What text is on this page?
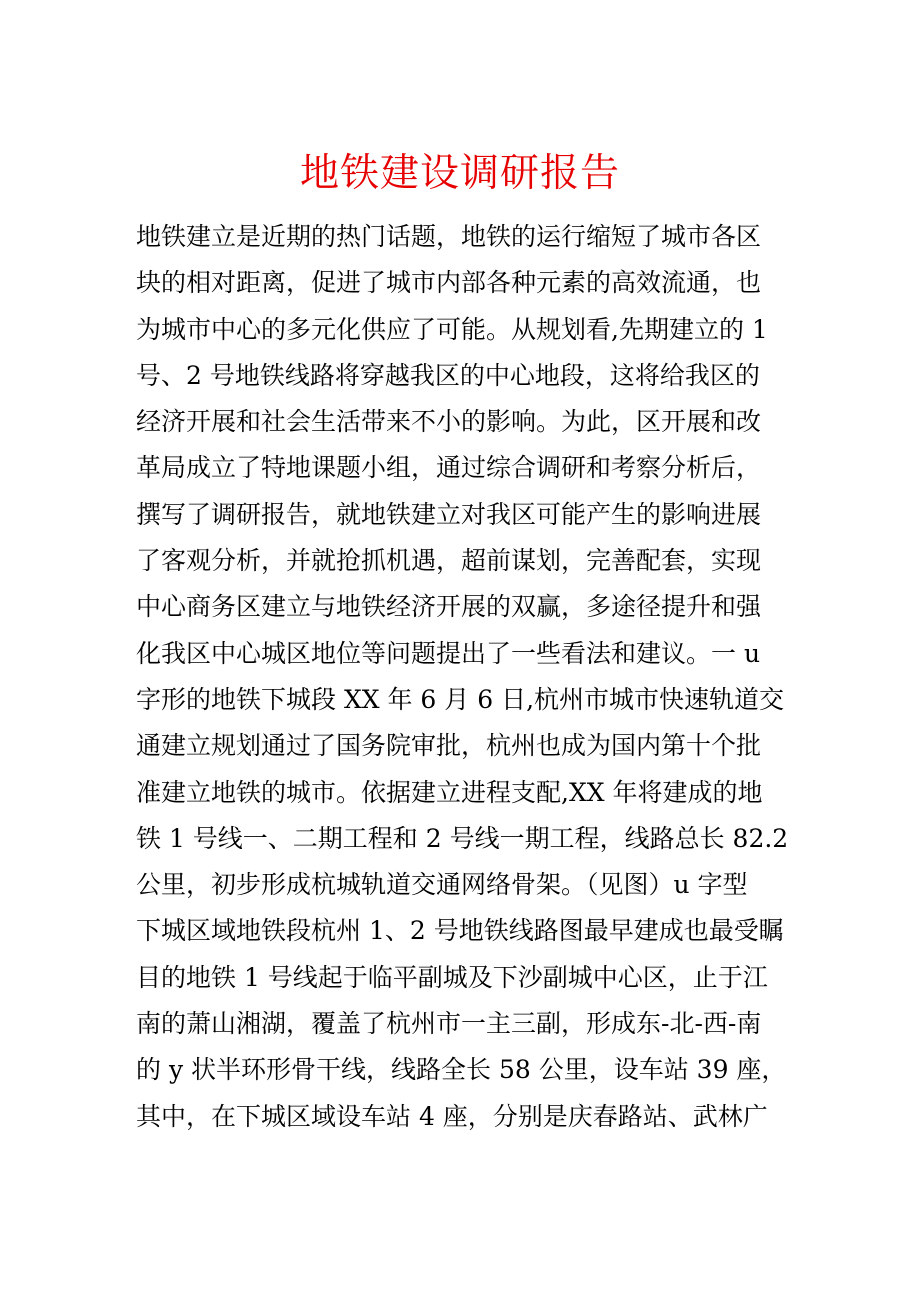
地铁建设调研报告
地铁建立是近期的热门话题，地铁的运行缩短了城市各区
块的相对距离，促进了城市内部各种元素的高效流通，也
为城市中心的多元化供应了可能。从规划看,先期建立的 1
号、2 号地铁线路将穿越我区的中心地段，这将给我区的
经济开展和社会生活带来不小的影响。为此，区开展和改
革局成立了特地课题小组，通过综合调研和考察分析后，
撰写了调研报告，就地铁建立对我区可能产生的影响进展
了客观分析，并就抢抓机遇，超前谋划，完善配套，实现
中心商务区建立与地铁经济开展的双赢，多途径提升和强
化我区中心城区地位等问题提出了一些看法和建议。一 u
字形的地铁下城段 XX 年 6 月 6 日,杭州市城市快速轨道交
通建立规划通过了国务院审批，杭州也成为国内第十个批
准建立地铁的城市。依据建立进程支配,XX 年将建成的地
铁 1 号线一、二期工程和 2 号线一期工程，线路总长 82.2
公里，初步形成杭城轨道交通网络骨架。（见图）u 字型
下城区域地铁段杭州 1、2 号地铁线路图最早建成也最受瞩
目的地铁 1 号线起于临平副城及下沙副城中心区，止于江
南的萧山湘湖，覆盖了杭州市一主三副，形成东-北-西-南
的 y 状半环形骨干线，线路全长 58 公里，设车站 39 座，
其中，在下城区域设车站 4 座，分别是庆春路站、武林广
